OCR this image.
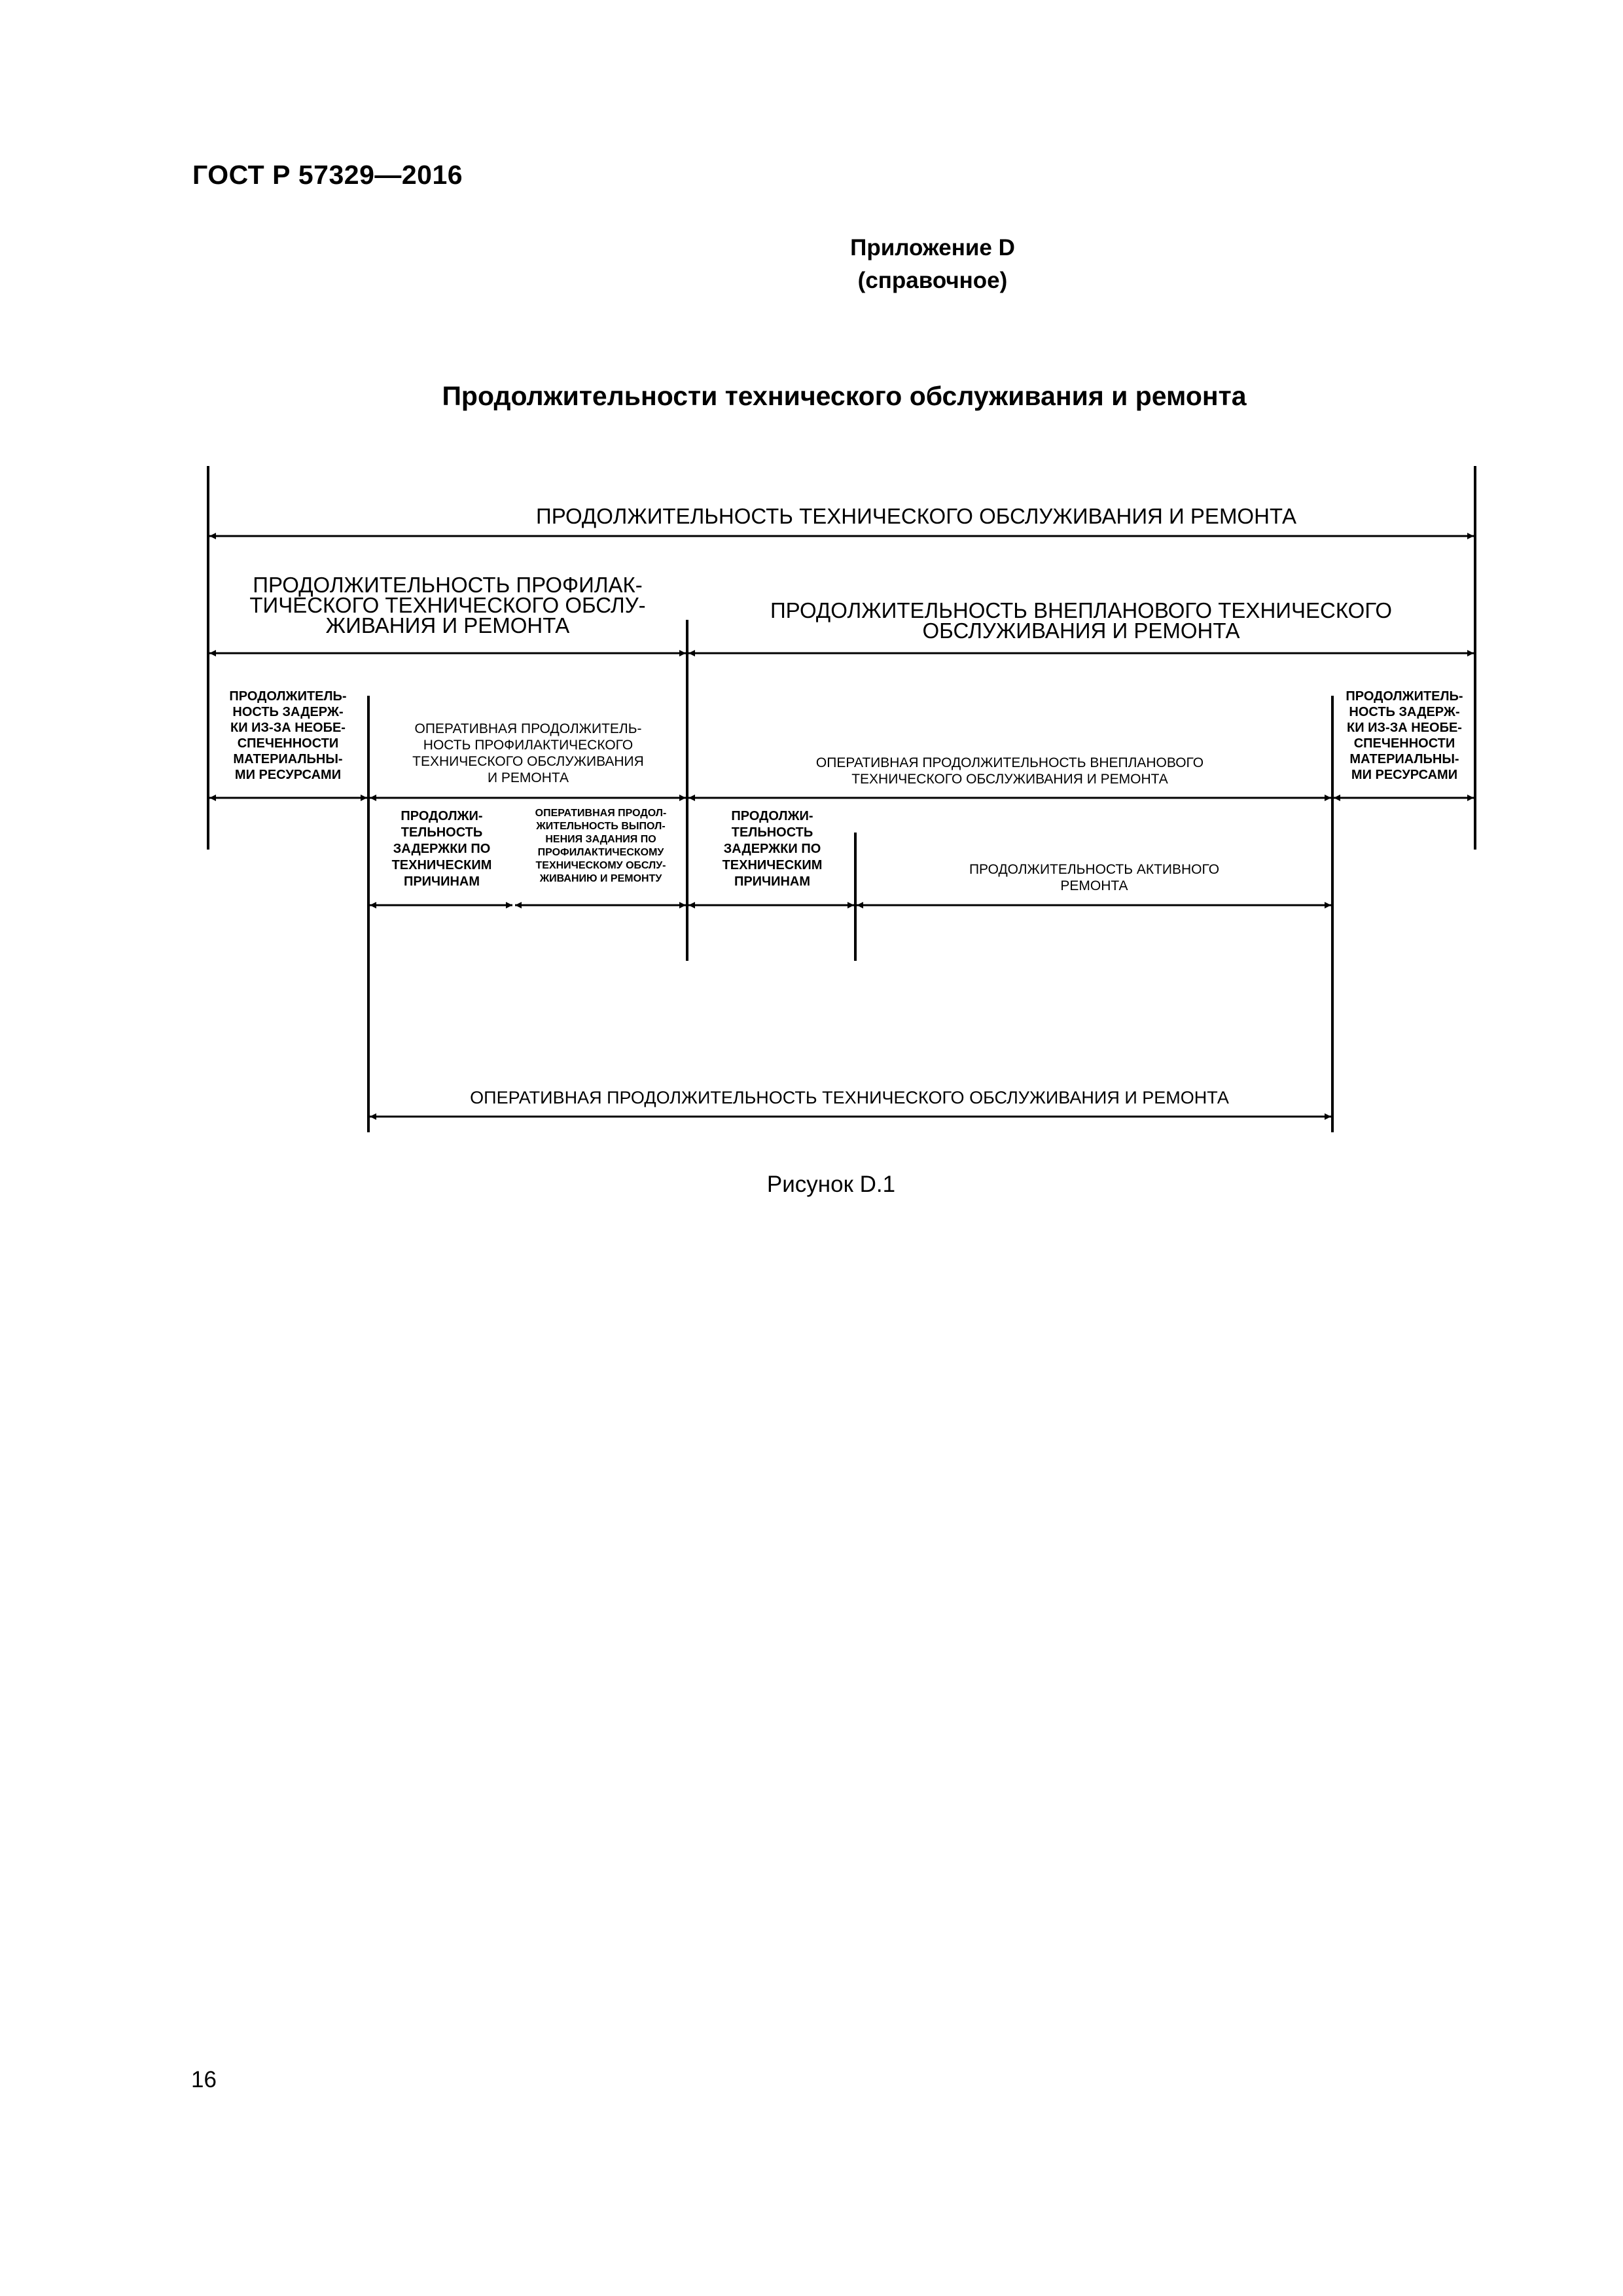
ГОСТ Р 57329—2016
Приложение D
(справочное)
Продолжительности технического обслуживания и ремонта
ПРОДОЛЖИТЕЛЬНОСТЬ ТЕХНИЧЕСКОГО ОБСЛУЖИВАНИЯ И РЕМОНТА
ПРОДОЛЖИТЕЛЬНОСТЬ ПРОФИЛАК-ТИЧЕСКОГО ТЕХНИЧЕСКОГО ОБСЛУ-ЖИВАНИЯ И РЕМОНТА
ПРОДОЛЖИТЕЛЬНОСТЬ ВНЕПЛАНОВОГО ТЕХНИЧЕСКОГО ОБСЛУЖИВАНИЯ И РЕМОНТА
ПРОДОЛЖИТЕЛЬ-НОСТЬ ЗАДЕРЖ-КИ ИЗ-ЗА НЕОБЕ-СПЕЧЕННОСТИ МАТЕРИАЛЬНЫ-МИ РЕСУРСАМИ
ОПЕРАТИВНАЯ ПРОДОЛЖИТЕЛЬ-НОСТЬ ПРОФИЛАКТИЧЕСКОГО ТЕХНИЧЕСКОГО ОБСЛУЖИВАНИЯ И РЕМОНТА
ОПЕРАТИВНАЯ ПРОДОЛЖИТЕЛЬНОСТЬ ВНЕПЛАНОВОГО ТЕХНИЧЕСКОГО ОБСЛУЖИВАНИЯ И РЕМОНТА
ПРОДОЛЖИТЕЛЬ-НОСТЬ ЗАДЕРЖ-КИ ИЗ-ЗА НЕОБЕ-СПЕЧЕННОСТИ МАТЕРИАЛЬНЫ-МИ РЕСУРСАМИ
ПРОДОЛЖИ-ТЕЛЬНОСТЬ ЗАДЕРЖКИ ПО ТЕХНИЧЕСКИМ ПРИЧИНАМ
ОПЕРАТИВНАЯ ПРОДОЛ-ЖИТЕЛЬНОСТЬ ВЫПОЛ-НЕНИЯ ЗАДАНИЯ ПО ПРОФИЛАКТИЧЕСКОМУ ТЕХНИЧЕСКОМУ ОБСЛУ-ЖИВАНИЮ И РЕМОНТУ
ПРОДОЛЖИ-ТЕЛЬНОСТЬ ЗАДЕРЖКИ ПО ТЕХНИЧЕСКИМ ПРИЧИНАМ
ПРОДОЛЖИТЕЛЬНОСТЬ АКТИВНОГО РЕМОНТА
ОПЕРАТИВНАЯ ПРОДОЛЖИТЕЛЬНОСТЬ ТЕХНИЧЕСКОГО ОБСЛУЖИВАНИЯ И РЕМОНТА
Рисунок D.1
16
